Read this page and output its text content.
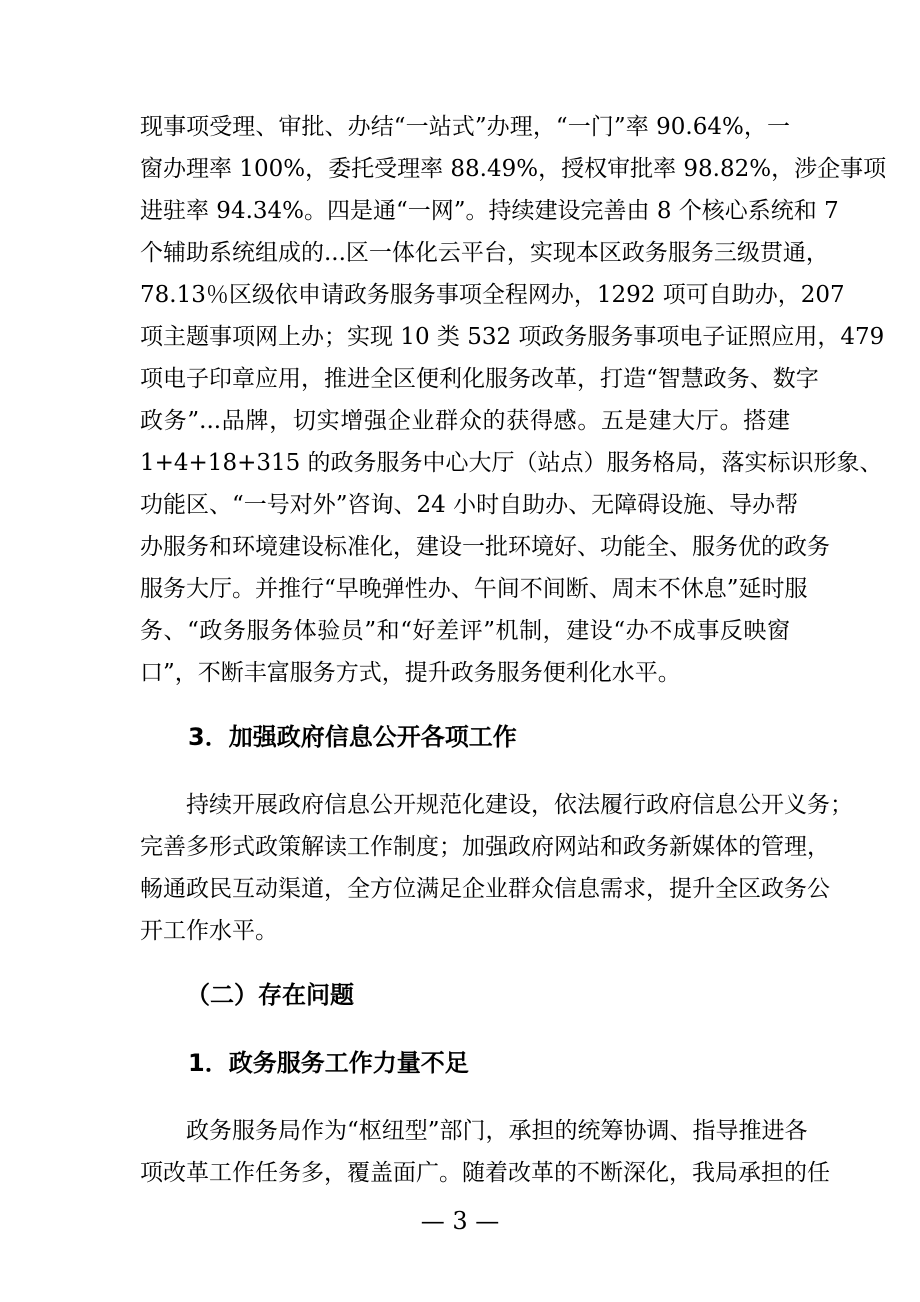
现事项受理、审批、办结“一站式”办理，“一门”率 90.64%，一
窗办理率 100%，委托受理率 88.49%，授权审批率 98.82%，涉企事项
进驻率 94.34%。四是通“一网”。持续建设完善由 8 个核心系统和 7
个辅助系统组成的...区一体化云平台，实现本区政务服务三级贯通，
78.13％区级依申请政务服务事项全程网办，1292 项可自助办，207
项主题事项网上办；实现 10 类 532 项政务服务事项电子证照应用，479
项电子印章应用，推进全区便利化服务改革，打造“智慧政务、数字
政务”...品牌，切实增强企业群众的获得感。五是建大厅。搭建
1+4+18+315 的政务服务中心大厅（站点）服务格局，落实标识形象、
功能区、“一号对外”咨询、24 小时自助办、无障碍设施、导办帮
办服务和环境建设标准化，建设一批环境好、功能全、服务优的政务
服务大厅。并推行“早晚弹性办、午间不间断、周末不休息”延时服
务、“政务服务体验员”和“好差评”机制，建设“办不成事反映窗
口”，不断丰富服务方式，提升政务服务便利化水平。
3．加强政府信息公开各项工作
持续开展政府信息公开规范化建设，依法履行政府信息公开义务；
完善多形式政策解读工作制度；加强政府网站和政务新媒体的管理，
畅通政民互动渠道，全方位满足企业群众信息需求，提升全区政务公
开工作水平。
（二）存在问题
1．政务服务工作力量不足
政务服务局作为“枢纽型”部门，承担的统筹协调、指导推进各
项改革工作任务多，覆盖面广。随着改革的不断深化，我局承担的任
— 3 —
